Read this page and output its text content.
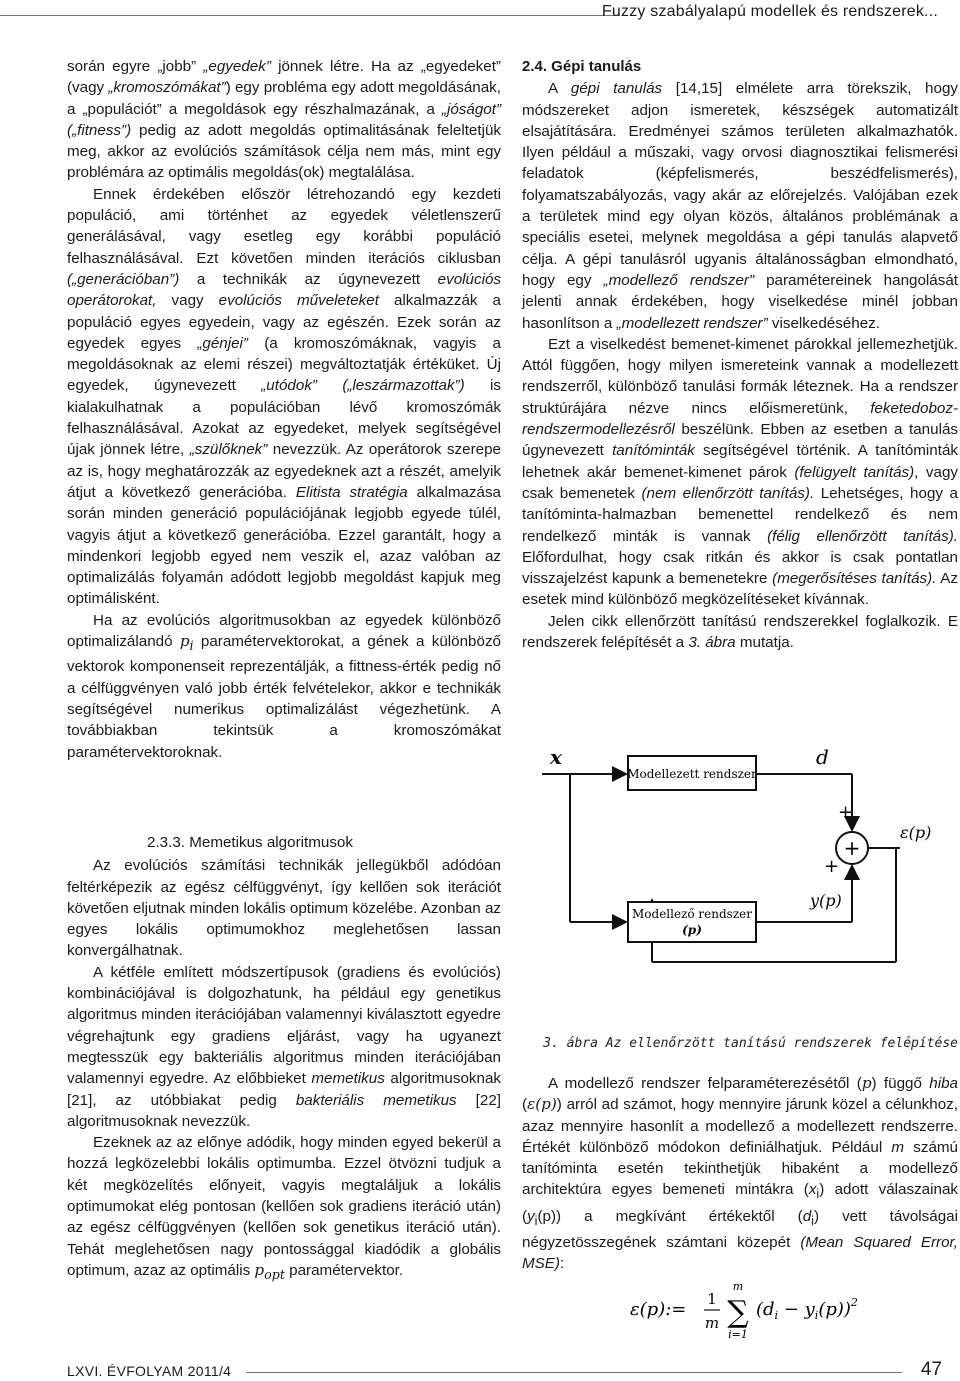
Fuzzy szabályalapú modellek és rendszerek...

során egyre „jobb” „egyedek” jönnek létre. Ha az „egyedeket” (vagy „kromoszómákat”) egy probléma egy adott megoldásának, a „populációt” a megoldások egy részhalmazának, a „jóságot” („fitness”) pedig az adott megoldás optimalitásának feleltetjük meg, akkor az evolúciós számítások célja nem más, mint egy problémára az optimális megoldás(ok) megtalálása.

Ennek érdekében először létrehozandó egy kezdeti populáció, ami történhet az egyedek véletlenszerű generálásával, vagy esetleg egy korábbi populáció felhasználásával. Ezt követően minden iterációs ciklusban („generációban”) a technikák az úgynevezett evolúciós operátorokat, vagy evolúciós műveleteket alkalmazzák a populáció egyes egyedein, vagy az egészén. Ezek során az egyedek egyes „génjei” (a kromoszómáknak, vagyis a megoldásoknak az elemi részei) megváltoztatják értéküket. Új egyedek, úgynevezett „utódok” („leszármazottak”) is kialakulhatnak a populációban lévő kromoszómák felhasználásával. Azokat az egyedeket, melyek segítségével újak jönnek létre, „szülőknek” nevezzük. Az operátorok szerepe az is, hogy meghatározzák az egyedeknek azt a részét, amelyik átjut a következő generációba. Elitista stratégia alkalmazása során minden generáció populációjának legjobb egyede túlél, vagyis átjut a következő generációba. Ezzel garantált, hogy a mindenkori legjobb egyed nem veszik el, azaz valóban az optimalizálás folyamán adódott legjobb megoldást kapjuk meg optimálisként.

Ha az evolúciós algoritmusokban az egyedek különböző optimalizálandó $p_i$ paramétervektorokat, a gének a különböző vektorok komponenseit reprezentálják, a fittness-érték pedig nő a célfüggvényen való jobb érték felvételekor, akkor e technikák segítségével numerikus optimalizálást végezhetünk. A továbbiakban tekintsük a kromoszómákat paramétervektoroknak.

2.3.3. Memetikus algoritmusok

Az evolúciós számítási technikák jellegükből adódóan feltérképezik az egész célfüggvényt, így kellően sok iterációt követően eljutnak minden lokális optimum közelébe. Azonban az egyes lokális optimumokhoz meglehetősen lassan konvergálhatnak.

A kétféle említett módszertípusok (gradiens és evolúciós) kombinációjával is dolgozhatunk, ha például egy genetikus algoritmus minden iterációjában valamennyi kiválasztott egyedre végrehajtunk egy gradiens eljárást, vagy ha ugyanezt megtesszük egy bakteriális algoritmus minden iterációjában valamennyi egyedre. Az előbbieket memetikus algoritmusoknak [21], az utóbbiakat pedig bakteriális memetikus [22] algoritmusoknak nevezzük.

Ezeknek az az előnye adódik, hogy minden egyed bekerül a hozzá legközelebbi lokális optimumba. Ezzel ötvözni tudjuk a két megközelítés előnyeit, vagyis megtaláljuk a lokális optimumokat elég pontosan (kellően sok gradiens iteráció után) az egész célfüggvényen (kellően sok genetikus iteráció után). Tehát meglehetősen nagy pontossággal kiadódik a globális optimum, azaz az optimális $p_{opt}$ paramétervektor.

2.4. Gépi tanulás

A gépi tanulás [14,15] elmélete arra törekszik, hogy módszereket adjon ismeretek, készségek automatizált elsajátítására. Eredményei számos területen alkalmazhatók. Ilyen például a műszaki, vagy orvosi diagnosztikai felismerési feladatok (képfelismerés, beszédfelismerés), folyamatszabályozás, vagy akár az előrejelzés. Valójában ezek a területek mind egy olyan közös, általános problémának a speciális esetei, melynek megoldása a gépi tanulás alapvető célja. A gépi tanulásról ugyanis általánosságban elmondható, hogy egy „modellező rendszer” paramétereinek hangolását jelenti annak érdekében, hogy viselkedése minél jobban hasonlítson a „modellezett rendszer” viselkedéséhez.

Ezt a viselkedést bemenet-kimenet párokkal jellemezhetjük. Attól függően, hogy milyen ismereteink vannak a modellezett rendszerről, különböző tanulási formák léteznek. Ha a rendszer struktúrájára nézve nincs előismeretünk, feketedoboz-rendszermodellezésről beszélünk. Ebben az esetben a tanulás úgynevezett tanítóminták segítségével történik. A tanítóminták lehetnek akár bemenet-kimenet párok (felügyelt tanítás), vagy csak bemenetek (nem ellenőrzött tanítás). Lehetséges, hogy a tanítóminta-halmazban bemenettel rendelkező és nem rendelkező minták is vannak (félig ellenőrzött tanítás). Előfordulhat, hogy csak ritkán és akkor is csak pontatlan visszajelzést kapunk a bemenetekre (megerősítéses tanítás). Az esetek mind különböző megközelítéseket kívánnak.

Jelen cikk ellenőrzött tanítású rendszerekkel foglalkozik. E rendszerek felépítését a 3. ábra mutatja.

x
Modellezett rendszer
d
+
+
+
ε(p)
Modellező rendszer
(p)
y(p)
3. ábra Az ellenőrzött tanítású rendszerek felépítése

A modellező rendszer felparaméterezésétől (p) függő hiba (ε(p)) arról ad számot, hogy mennyire járunk közel a célunkhoz, azaz mennyire hasonlít a modellező a modellezett rendszerre. Értékét különböző módokon definiálhatjuk. Például m számú tanítóminta esetén tekinthetjük hibaként a modellező architektúra egyes bemeneti mintákra $(x_i)$ adott válaszainak $(y_i(p))$ a megkívánt értékektől $(d_i)$ vett távolságai négyzetösszegének számtani közepét (Mean Squared Error, MSE):

ε(p):= 1
m ∑
m
i=1
$(d_i - y_i(p))^2$
LXVI. ÉVFOLYAM 2011/4	47
